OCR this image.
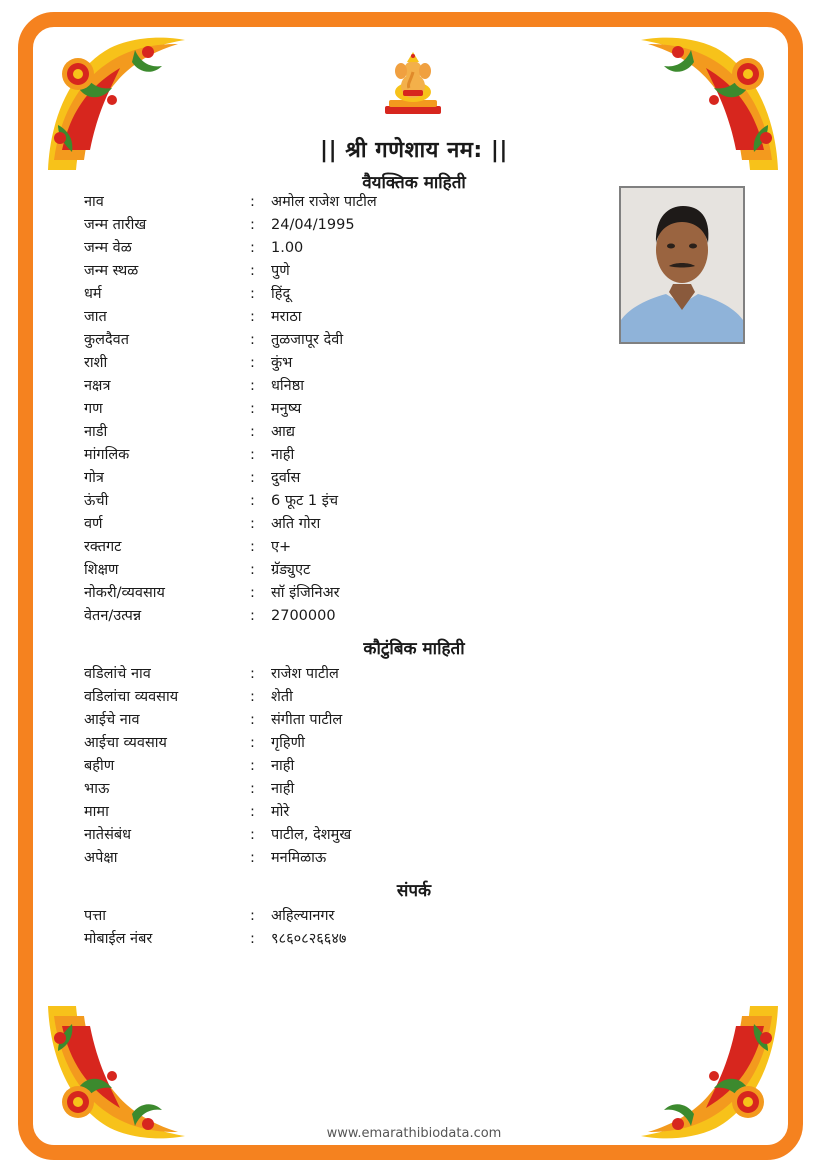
|| श्री गणेशाय नम: ||
वैयक्तिक माहिती
नाव	: अमोल राजेश पाटील
जन्म तारीख	: 24/04/1995
जन्म वेळ	: 1.00
जन्म स्थळ	: पुणे
धर्म	: हिंदू
जात	: मराठा
कुलदैवत	: तुळजापूर देवी
राशी	: कुंभ
नक्षत्र	: धनिष्ठा
गण	: मनुष्य
नाडी	: आद्य
मांगलिक	: नाही
गोत्र	: दुर्वास
ऊंची	: 6 फूट 1 इंच
वर्ण	: अति गोरा
रक्तगट	: ए+
शिक्षण	: ग्रॅड्युएट
नोकरी/व्यवसाय	: सॉ इंजिनिअर
वेतन/उत्पन्न	: 2700000
कौटुंबिक माहिती
वडिलांचे नाव	: राजेश पाटील
वडिलांचा व्यवसाय	: शेती
आईचे नाव	: संगीता पाटील
आईचा व्यवसाय	: गृहिणी
बहीण	: नाही
भाऊ	: नाही
मामा	: मोरे
नातेसंबंध	: पाटील, देशमुख
अपेक्षा	: मनमिळाऊ
संपर्क
पत्ता	: अहिल्यानगर
मोबाईल नंबर	: ९८६०८२६६४७
www.emarathibiodata.com
